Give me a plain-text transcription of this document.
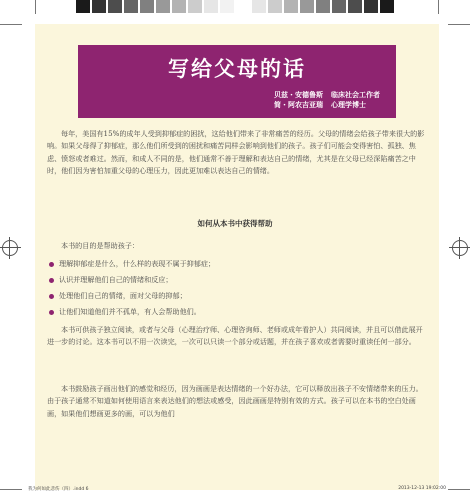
写给父母的话
贝兹・安德鲁斯 临床社会工作者
简・阿农吉亚瑞 心理学博士

每年，美国有15%的成年人受到抑郁症的困扰，这给他们带来了非常痛苦的经历。父母的情绪会给孩子带来很大的影响。如果父母得了抑郁症，那么他们所受到的困扰和痛苦同样会影响到他们的孩子。孩子们可能会变得害怕、孤独、焦虑、愤怒或者难过。然而，和成人不同的是，他们通常不善于理解和表达自己的情绪，尤其是在父母已经深陷痛苦之中时，他们因为害怕加重父母的心理压力，因此更加难以表达自己的情绪。

如何从本书中获得帮助

本书的目的是帮助孩子：

理解抑郁症是什么，什么样的表现不属于抑郁症；
认识并理解他们自己的情绪和反应；
处理他们自己的情绪，面对父母的抑郁；
让他们知道他们并不孤单，有人会帮助他们。

本书可供孩子独立阅读，或者与父母（心理治疗师、心理咨询师、老师或成年看护人）共同阅读，并且可以借此展开进一步的讨论。这本书可以不用一次读完，一次可以只读一个部分或话题，并在孩子喜欢或者需要时重读任何一部分。

本书鼓励孩子画出他们的感觉和经历，因为画画是表达情绪的一个好办法，它可以释放出孩子不安情绪带来的压力。由于孩子通常不知道如何使用语言来表达他们的想法或感受，因此画画是特别有效的方式。孩子可以在本书的空白处画画，如果他们想画更多的画，可以为他们

我为何如此悲伤（四）.indd 6	2013-12-13 19:02:00
